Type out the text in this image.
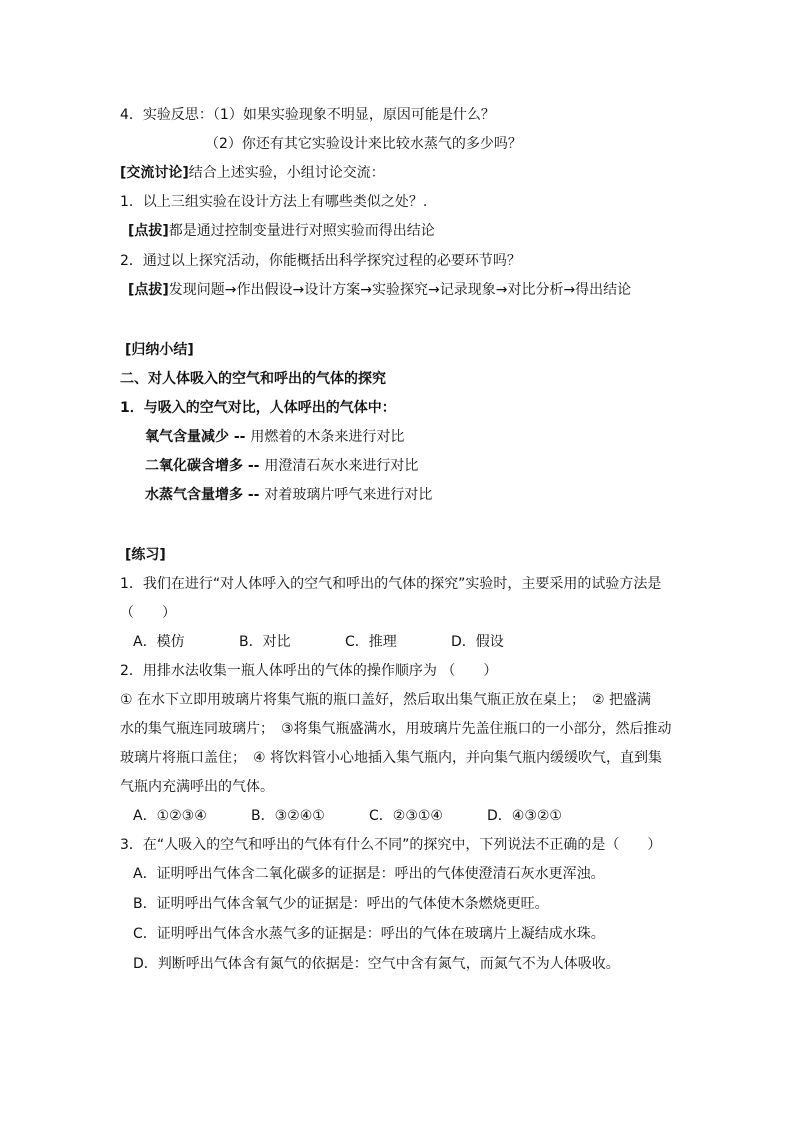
4．实验反思：（1）如果实验现象不明显，原因可能是什么？
（2）你还有其它实验设计来比较水蒸气的多少吗？
[交流讨论]结合上述实验，小组讨论交流：
1．以上三组实验在设计方法上有哪些类似之处？.
[点拔]都是通过控制变量进行对照实验而得出结论
2．通过以上探究活动，你能概括出科学探究过程的必要环节吗？
[点拔]发现问题→作出假设→设计方案→实验探究→记录现象→对比分析→得出结论
[归纳小结]
二、对人体吸入的空气和呼出的气体的探究
1．与吸入的空气对比，人体呼出的气体中：
氧气含量减少 -- 用燃着的木条来进行对比
二氧化碳含增多 -- 用澄清石灰水来进行对比
水蒸气含量增多 -- 对着玻璃片呼气来进行对比
[练习]
1．我们在进行“对人体呼入的空气和呼出的气体的探究”实验时，主要采用的试验方法是
（　　）
A．模仿	B．对比	C．推理	D．假设
2．用排水法收集一瓶人体呼出的气体的操作顺序为 （　　）
① 在水下立即用玻璃片将集气瓶的瓶口盖好，然后取出集气瓶正放在桌上；　② 把盛满
水的集气瓶连同玻璃片；　③将集气瓶盛满水，用玻璃片先盖住瓶口的一小部分，然后推动
玻璃片将瓶口盖住；　④ 将饮料管小心地插入集气瓶内，并向集气瓶内缓缓吹气，直到集
气瓶内充满呼出的气体。
A．①②③④	B．③②④①	C．②③①④	D．④③②①
3．在“人吸入的空气和呼出的气体有什么不同”的探究中，下列说法不正确的是（　　）
A．证明呼出气体含二氧化碳多的证据是：呼出的气体使澄清石灰水更浑浊。
B．证明呼出气体含氧气少的证据是：呼出的气体使木条燃烧更旺。
C．证明呼出气体含水蒸气多的证据是：呼出的气体在玻璃片上凝结成水珠。
D．判断呼出气体含有氮气的依据是：空气中含有氮气，而氮气不为人体吸收。
